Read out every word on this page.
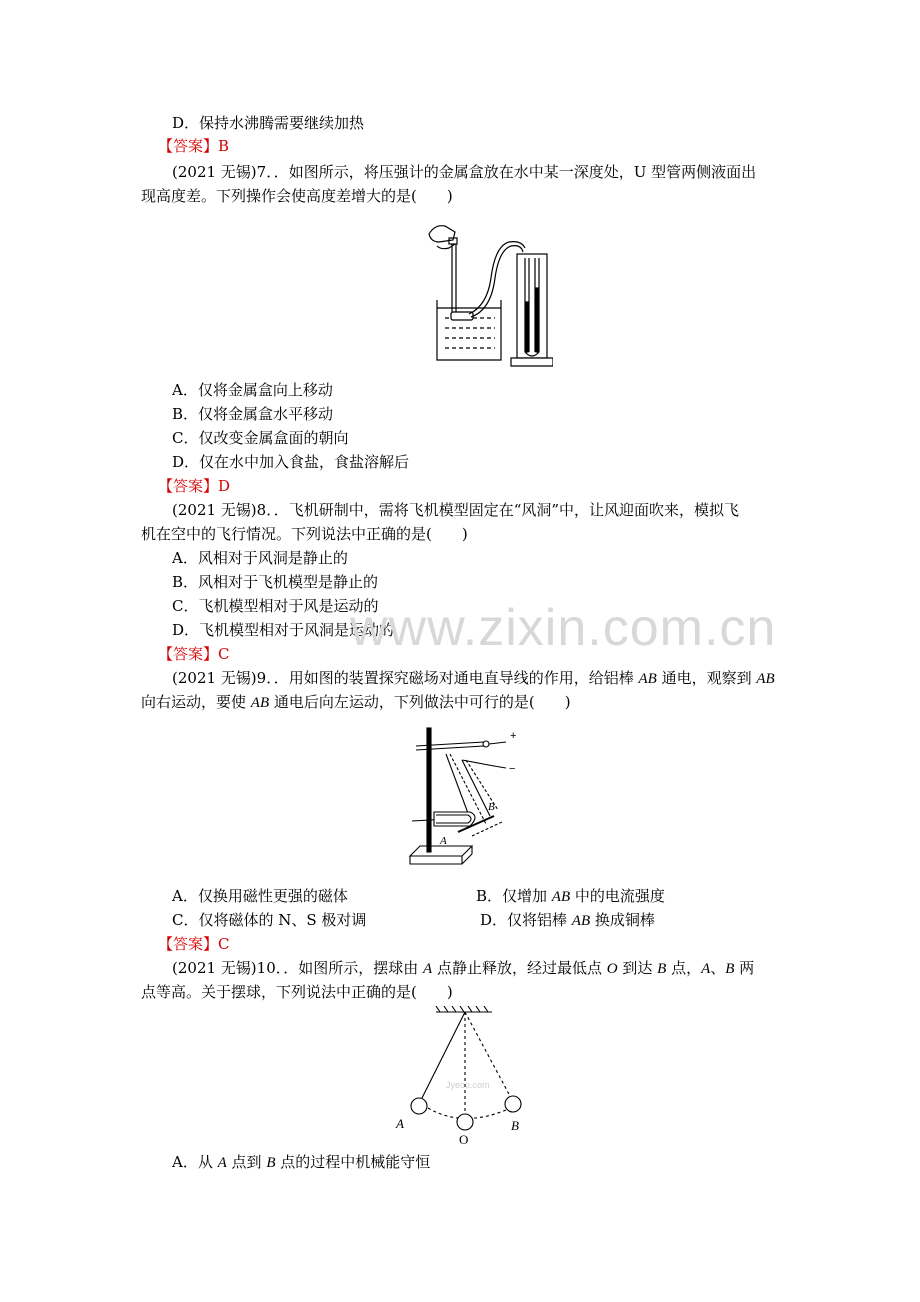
D．保持水沸腾需要继续加热
【答案】B
(2021 无锡)7．．如图所示，将压强计的金属盒放在水中某一深度处，U 型管两侧液面出
现高度差。下列操作会使高度差增大的是(　　)
A．仅将金属盒向上移动
B．仅将金属盒水平移动
C．仅改变金属盒面的朝向
D．仅在水中加入食盐，食盐溶解后
【答案】D
(2021 无锡)8．．飞机研制中，需将飞机模型固定在“风洞”中，让风迎面吹来，模拟飞
机在空中的飞行情况。下列说法中正确的是(　　)
A．风相对于风洞是静止的
B．风相对于飞机模型是静止的
C．飞机模型相对于风是运动的
D．飞机模型相对于风洞是运动的
【答案】C www.zixin.com.cn
(2021 无锡)9．．用如图的装置探究磁场对通电直导线的作用，给铝棒 AB 通电，观察到 AB
向右运动，要使 AB 通电后向左运动，下列做法中可行的是(　　)
+
−
A
B
A．仅换用磁性更强的磁体	B．仅增加 AB 中的电流强度
C．仅将磁体的 N、S 极对调	D．仅将铝棒 AB 换成铜棒
【答案】C
(2021 无锡)10．．如图所示，摆球由 A 点静止释放，经过最低点 O 到达 B 点，A、B 两
点等高。关于摆球，下列说法中正确的是(　　)
Jyeoo.com
A
O
B
A．从 A 点到 B 点的过程中机械能守恒
